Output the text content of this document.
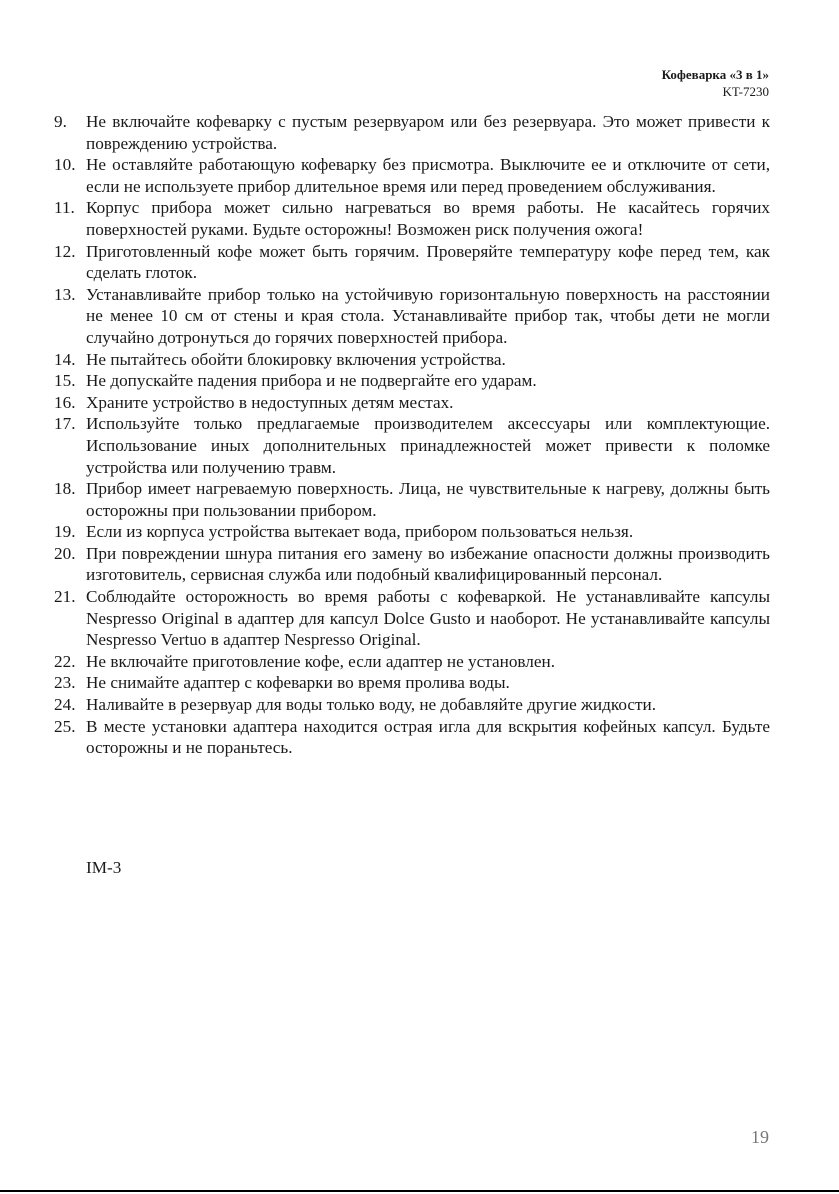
Кофеварка «3 в 1»
KT-7230
9. Не включайте кофеварку с пустым резервуаром или без резервуара. Это может привести к повреждению устройства.
10. Не оставляйте работающую кофеварку без присмотра. Выключите ее и отключите от сети, если не используете прибор длительное время или перед проведением обслуживания.
11. Корпус прибора может сильно нагреваться во время работы. Не касайтесь горячих поверхностей руками. Будьте осторожны! Возможен риск получения ожога!
12. Приготовленный кофе может быть горячим. Проверяйте температуру кофе перед тем, как сделать глоток.
13. Устанавливайте прибор только на устойчивую горизонтальную поверхность на расстоянии не менее 10 см от стены и края стола. Устанавливайте прибор так, чтобы дети не могли случайно дотронуться до горячих поверхностей прибора.
14. Не пытайтесь обойти блокировку включения устройства.
15. Не допускайте падения прибора и не подвергайте его ударам.
16. Храните устройство в недоступных детям местах.
17. Используйте только предлагаемые производителем аксессуары или комплектующие. Использование иных дополнительных принадлежностей может привести к поломке устройства или получению травм.
18. Прибор имеет нагреваемую поверхность. Лица, не чувствительные к нагреву, должны быть осторожны при пользовании прибором.
19. Если из корпуса устройства вытекает вода, прибором пользоваться нельзя.
20. При повреждении шнура питания его замену во избежание опасности должны производить изготовитель, сервисная служба или подобный квалифицированный персонал.
21. Соблюдайте осторожность во время работы с кофеваркой. Не устанавливайте капсулы Nespresso Original в адаптер для капсул Dolce Gusto и наоборот. Не устанавливайте капсулы Nespresso Vertuo в адаптер Nespresso Original.
22. Не включайте приготовление кофе, если адаптер не установлен.
23. Не снимайте адаптер с кофеварки во время пролива воды.
24. Наливайте в резервуар для воды только воду, не добавляйте другие жидкости.
25. В месте установки адаптера находится острая игла для вскрытия кофейных капсул. Будьте осторожны и не пораньтесь.
IM-3
19
